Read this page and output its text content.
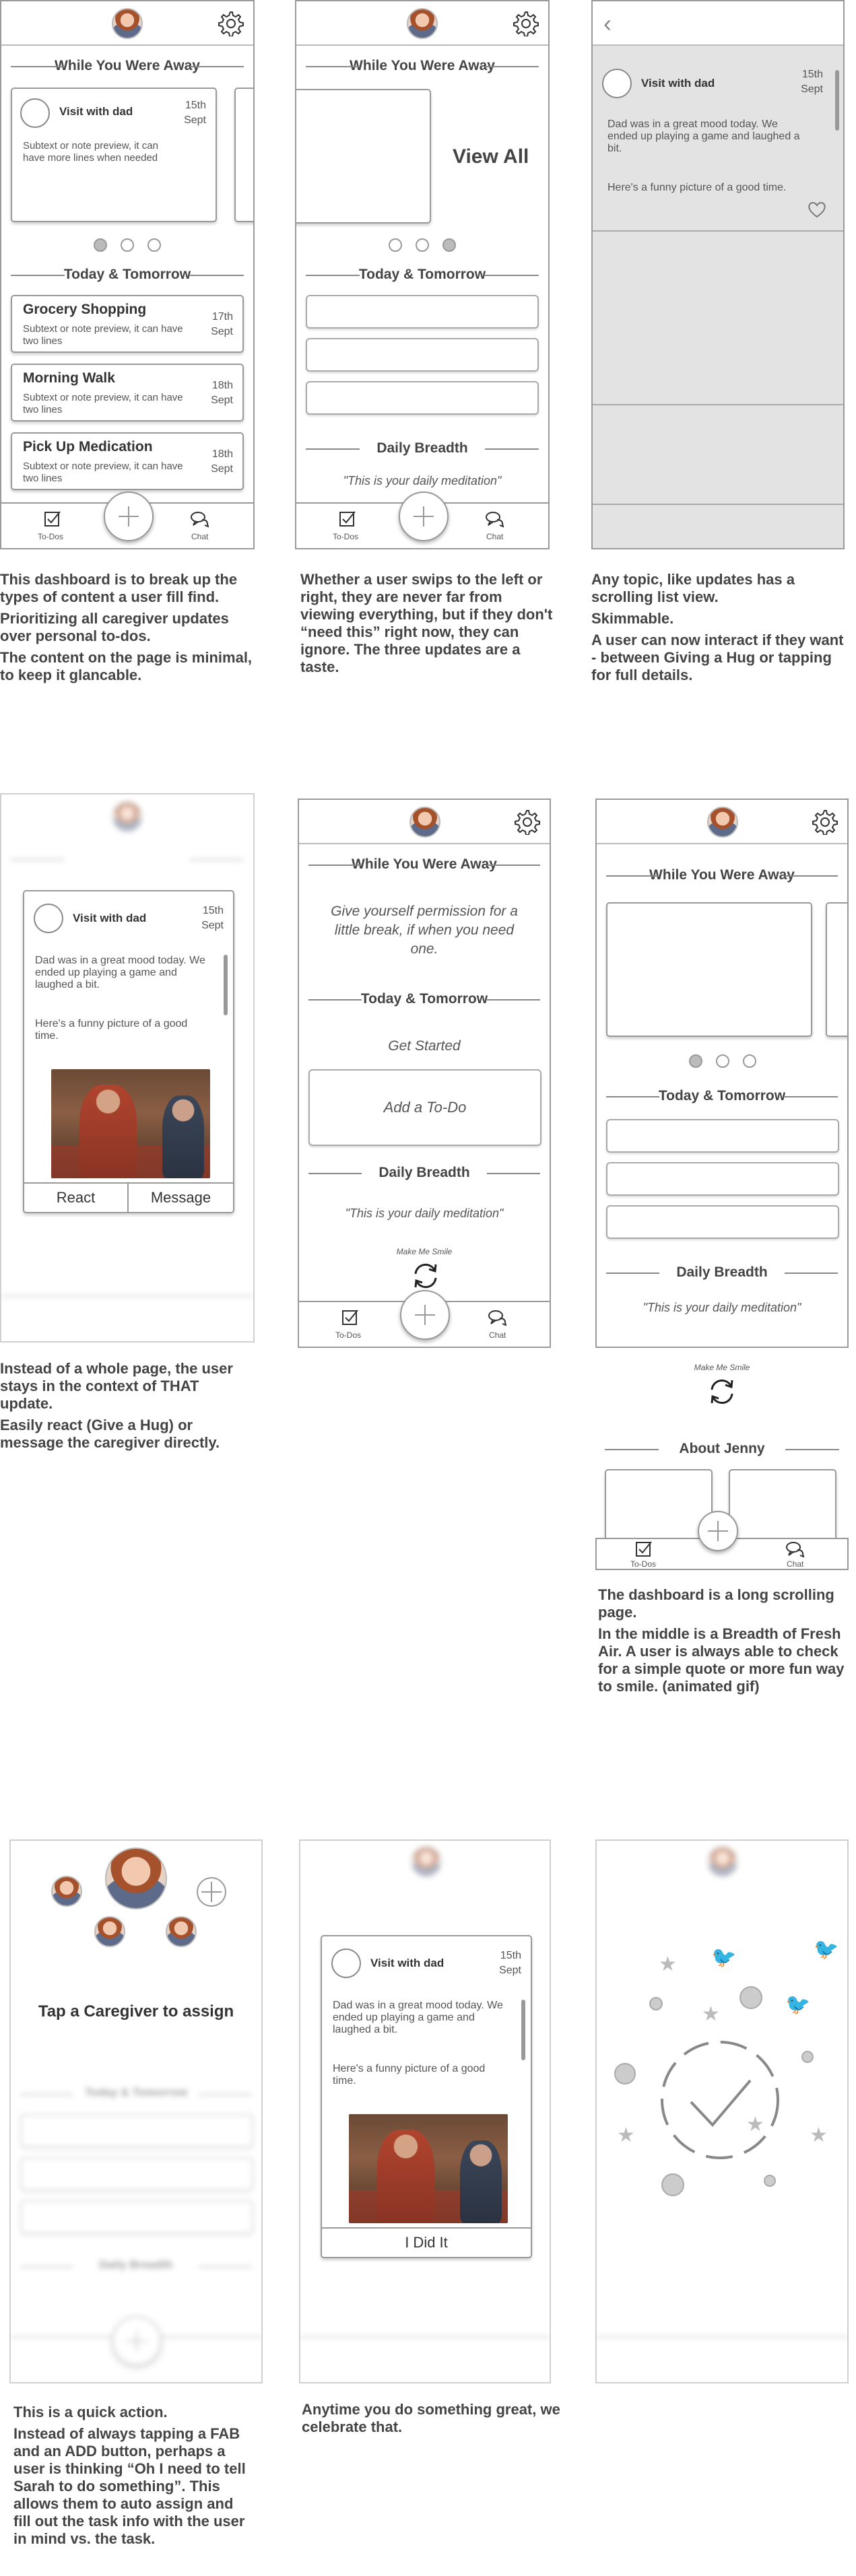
While You Were Away
Visit with dad	15th
Sept
Subtext or note preview, it can have more lines when needed
Today & Tomorrow
Grocery Shopping
Subtext or note preview, it can have two lines
17th
Sept
Morning Walk
Subtext or note preview, it can have two lines
18th
Sept
Pick Up Medication
Subtext or note preview, it can have two lines
18th
Sept
To-Dos	Chat

This dashboard is to break up the types of content a user fill find.

Prioritizing all caregiver updates over personal to-dos.

The content on the page is minimal, to keep it glancable.

While You Were Away
View All
Today & Tomorrow
Daily Breadth
"This is your daily meditation"
To-Dos	Chat

Whether a user swips to the left or right, they are never far from viewing everything, but if they don't “need this” right now, they can ignore. The three updates are a taste.

‹
Visit with dad
15th
Sept
Dad was in a great mood today. We ended up playing a game and laughed a bit.
Here's a funny picture of a good time.

Any topic, like updates has a scrolling list view.

Skimmable.

A user can now interact if they want - between Giving a Hug or tapping for full details.

Visit with dad
15th
Sept
Dad was in a great mood today. We ended up playing a game and laughed a bit.
Here's a funny picture of a good time.
React	Message

Instead of a whole page, the user stays in the context of THAT update.

Easily react (Give a Hug) or message the caregiver directly.

While You Were Away
Give yourself permission for a little break, if when you need one.
Today & Tomorrow
Get Started
Add a To-Do
Daily Breadth
"This is your daily meditation"
Make Me Smile
To-Dos	Chat
While You Were Away
Today & Tomorrow
Daily Breadth
"This is your daily meditation"
Make Me Smile
About Jenny
To-Dos	Chat

The dashboard is a long scrolling page.

In the middle is a Breadth of Fresh Air. A user is always able to check for a simple quote or more fun way to smile. (animated gif)

Today & Tomorrow
Daily Breadth
Tap a Caregiver to assign

This is a quick action.

Instead of always tapping a FAB and an ADD button, perhaps a user is thinking “Oh I need to tell Sarah to do something”. This allows them to auto assign and fill out the task info with the user in mind vs. the task.

Visit with dad
15th
Sept
Dad was in a great mood today. We ended up playing a game and laughed a bit.
Here's a funny picture of a good time.
I Did It

Anytime you do something great, we celebrate that.

★
★
★	★ ★
🐦
🐦
🐦
